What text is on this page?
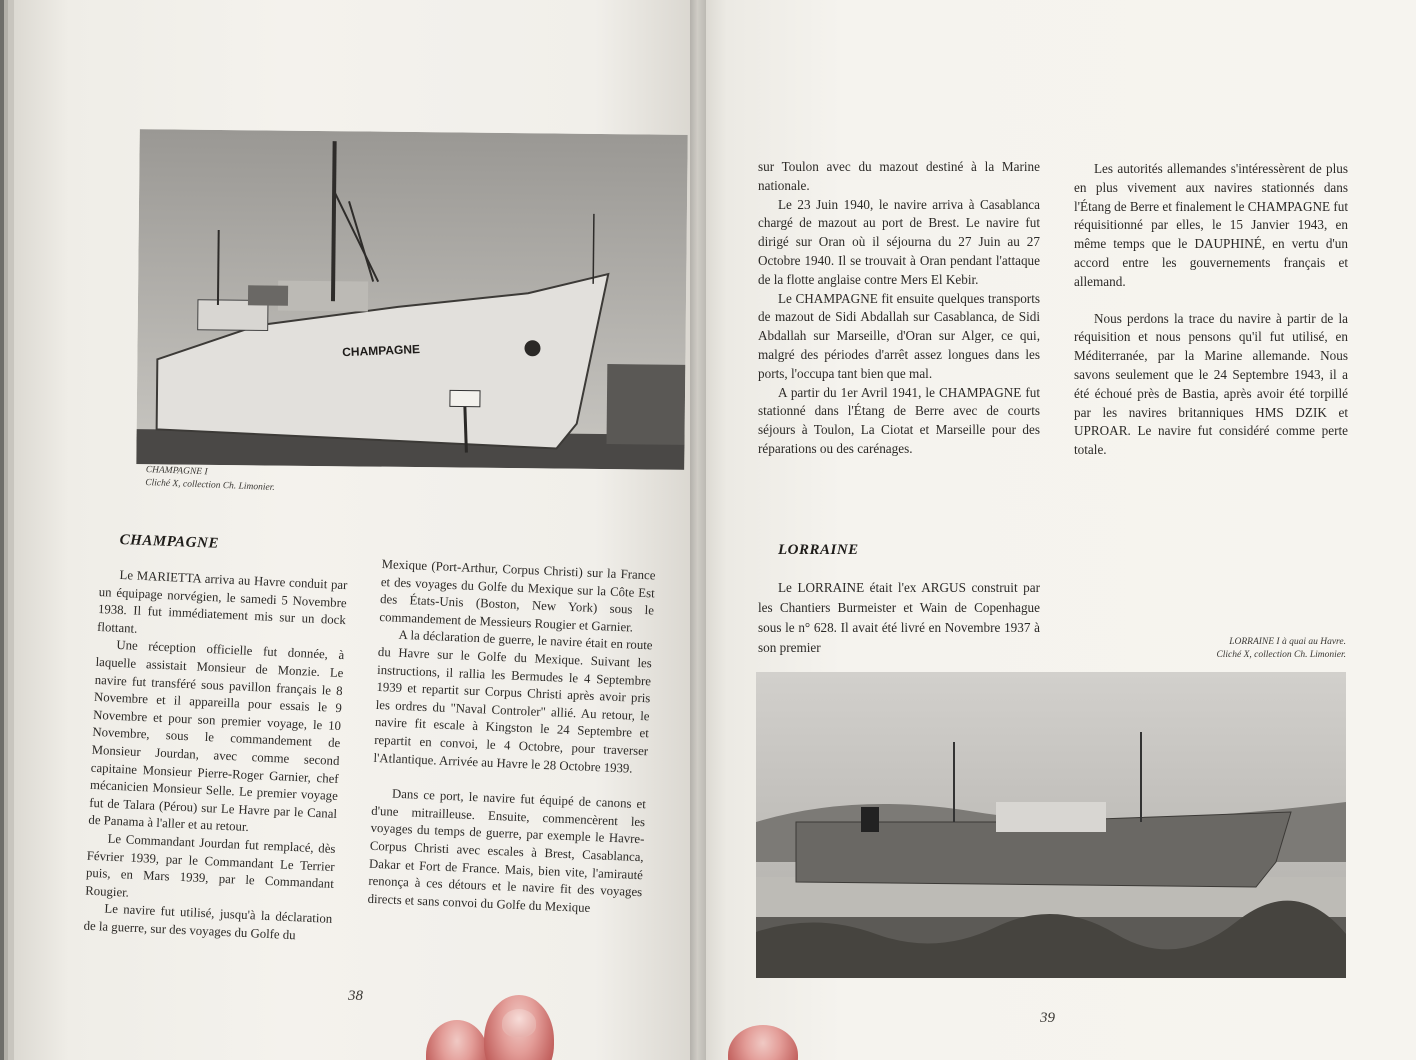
CHAMPAGNE
CHAMPAGNE I
Cliché X, collection Ch. Limonier.
CHAMPAGNE

Le MARIETTA arriva au Havre conduit par un équipage norvégien, le samedi 5 Novembre 1938. Il fut immédiatement mis sur un dock flottant.

Une réception officielle fut donnée, à laquelle assistait Monsieur de Monzie. Le navire fut transféré sous pavillon français le 8 Novembre et il appareilla pour essais le 9 Novembre et pour son premier voyage, le 10 Novembre, sous le commandement de Monsieur Jourdan, avec comme second capitaine Monsieur Pierre-Roger Garnier, chef mécanicien Monsieur Selle. Le premier voyage fut de Talara (Pérou) sur Le Havre par le Canal de Panama à l'aller et au retour.

Le Commandant Jourdan fut remplacé, dès Février 1939, par le Commandant Le Terrier puis, en Mars 1939, par le Commandant Rougier.

Le navire fut utilisé, jusqu'à la déclaration de la guerre, sur des voyages du Golfe du

Mexique (Port-Arthur, Corpus Christi) sur la France et des voyages du Golfe du Mexique sur la Côte Est des États-Unis (Boston, New York) sous le commandement de Messieurs Rougier et Garnier.

A la déclaration de guerre, le navire était en route du Havre sur le Golfe du Mexique. Suivant les instructions, il rallia les Bermudes le 4 Septembre 1939 et repartit sur Corpus Christi après avoir pris les ordres du "Naval Controler" allié. Au retour, le navire fit escale à Kingston le 24 Septembre et repartit en convoi, le 4 Octobre, pour traverser l'Atlantique. Arrivée au Havre le 28 Octobre 1939.

Dans ce port, le navire fut équipé de canons et d'une mitrailleuse. Ensuite, commencèrent les voyages du temps de guerre, par exemple le Havre-Corpus Christi avec escales à Brest, Casablanca, Dakar et Fort de France. Mais, bien vite, l'amirauté renonça à ces détours et le navire fit des voyages directs et sans convoi du Golfe du Mexique

38

sur Toulon avec du mazout destiné à la Marine nationale.

Le 23 Juin 1940, le navire arriva à Casablanca chargé de mazout au port de Brest. Le navire fut dirigé sur Oran où il séjourna du 27 Juin au 27 Octobre 1940. Il se trouvait à Oran pendant l'attaque de la flotte anglaise contre Mers El Kebir.

Le CHAMPAGNE fit ensuite quelques transports de mazout de Sidi Abdallah sur Casablanca, de Sidi Abdallah sur Marseille, d'Oran sur Alger, ce qui, malgré des périodes d'arrêt assez longues dans les ports, l'occupa tant bien que mal.

A partir du 1er Avril 1941, le CHAMPAGNE fut stationné dans l'Étang de Berre avec de courts séjours à Toulon, La Ciotat et Marseille pour des réparations ou des carénages.

Les autorités allemandes s'intéressèrent de plus en plus vivement aux navires stationnés dans l'Étang de Berre et finalement le CHAMPAGNE fut réquisitionné par elles, le 15 Janvier 1943, en même temps que le DAUPHINÉ, en vertu d'un accord entre les gouvernements français et allemand.

Nous perdons la trace du navire à partir de la réquisition et nous pensons qu'il fut utilisé, en Méditerranée, par la Marine allemande. Nous savons seulement que le 24 Septembre 1943, il a été échoué près de Bastia, après avoir été torpillé par les navires britanniques HMS DZIK et UPROAR. Le navire fut considéré comme perte totale.

LORRAINE

Le LORRAINE était l'ex ARGUS construit par les Chantiers Burmeister et Wain de Copenhague sous le n° 628. Il avait été livré en Novembre 1937 à son premier	LORRAINE I à quai au Havre.
Cliché X, collection Ch. Limonier.
39
